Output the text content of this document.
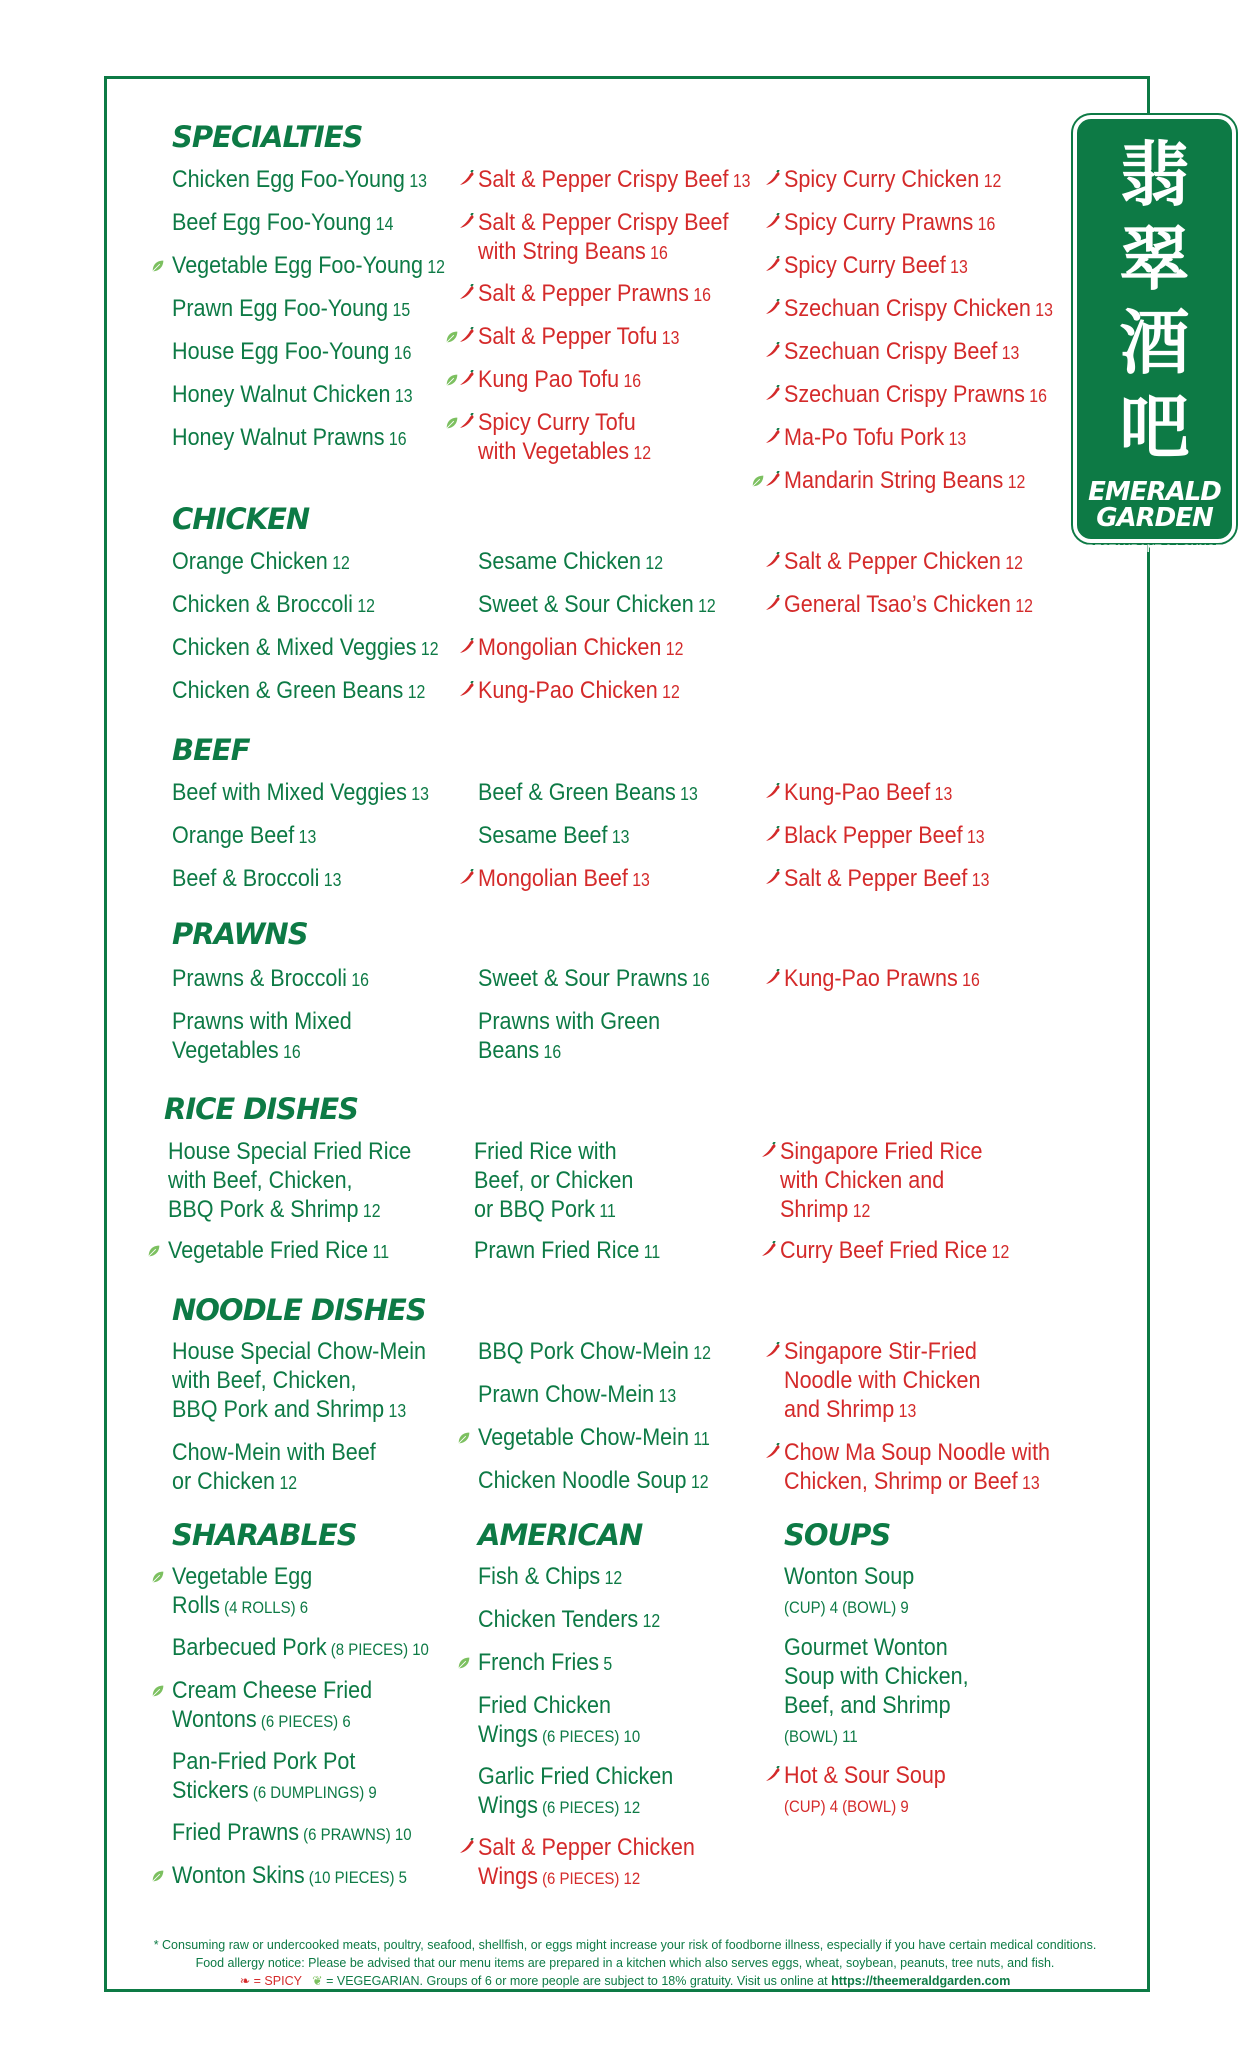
翡
翠
酒
吧
EMERALD
GARDEN
RESTAURANT & LOUNGE
SPECIALTIES
CHICKEN
BEEF
PRAWNS
RICE DISHES
NOODLE DISHES
SHARABLES	AMERICAN	SOUPS
Chicken Egg Foo-Young 13
Beef Egg Foo-Young 14
Vegetable Egg Foo-Young 12
Prawn Egg Foo-Young 15
House Egg Foo-Young 16
Honey Walnut Chicken 13
Honey Walnut Prawns 16
Salt & Pepper Crispy Beef 13
Salt & Pepper Crispy Beef
with String Beans 16
Salt & Pepper Prawns 16
Salt & Pepper Tofu 13
Kung Pao Tofu 16
Spicy Curry Tofu
with Vegetables 12
Spicy Curry Chicken 12
Spicy Curry Prawns 16
Spicy Curry Beef 13
Szechuan Crispy Chicken 13
Szechuan Crispy Beef 13
Szechuan Crispy Prawns 16
Ma-Po Tofu Pork 13
Mandarin String Beans 12
Orange Chicken 12
Chicken & Broccoli 12
Chicken & Mixed Veggies 12
Chicken & Green Beans 12
Sesame Chicken 12
Sweet & Sour Chicken 12
Mongolian Chicken 12
Kung-Pao Chicken 12
Salt & Pepper Chicken 12
General Tsao’s Chicken 12
Beef with Mixed Veggies 13
Orange Beef 13
Beef & Broccoli 13
Beef & Green Beans 13
Sesame Beef 13
Mongolian Beef 13
Kung-Pao Beef 13
Black Pepper Beef 13
Salt & Pepper Beef 13
Prawns & Broccoli 16
Prawns with Mixed
Vegetables 16
Sweet & Sour Prawns 16
Prawns with Green
Beans 16
Kung-Pao Prawns 16
House Special Fried Rice
with Beef, Chicken,
BBQ Pork & Shrimp 12
Vegetable Fried Rice 11
Fried Rice with
Beef, or Chicken
or BBQ Pork 11
Prawn Fried Rice 11
Singapore Fried Rice
with Chicken and
Shrimp 12
Curry Beef Fried Rice 12
House Special Chow-Mein
with Beef, Chicken,
BBQ Pork and Shrimp 13
Chow-Mein with Beef
or Chicken 12
BBQ Pork Chow-Mein 12
Prawn Chow-Mein 13
Vegetable Chow-Mein 11
Chicken Noodle Soup 12
Singapore Stir-Fried
Noodle with Chicken
and Shrimp 13
Chow Ma Soup Noodle with
Chicken, Shrimp or Beef 13
Vegetable Egg
Rolls (4 ROLLS) 6
Barbecued Pork (8 PIECES) 10
Cream Cheese Fried
Wontons (6 PIECES) 6
Pan-Fried Pork Pot
Stickers (6 DUMPLINGS) 9
Fried Prawns (6 PRAWNS) 10
Wonton Skins (10 PIECES) 5
Fish & Chips 12
Chicken Tenders 12
French Fries 5
Fried Chicken
Wings (6 PIECES) 10
Garlic Fried Chicken
Wings (6 PIECES) 12
Salt & Pepper Chicken
Wings (6 PIECES) 12
Wonton Soup
(CUP) 4 (BOWL) 9
Gourmet Wonton
Soup with Chicken,
Beef, and Shrimp
(BOWL) 11
Hot & Sour Soup
(CUP) 4 (BOWL) 9
* Consuming raw or undercooked meats, poultry, seafood, shellfish, or eggs might increase your risk of foodborne illness, especially if you have certain medical conditions.
Food allergy notice: Please be advised that our menu items are prepared in a kitchen which also serves eggs, wheat, soybean, peanuts, tree nuts, and fish.
❧ = SPICY ❦ = VEGEGARIAN. Groups of 6 or more people are subject to 18% gratuity. Visit us online at https://theemeraldgarden.com
